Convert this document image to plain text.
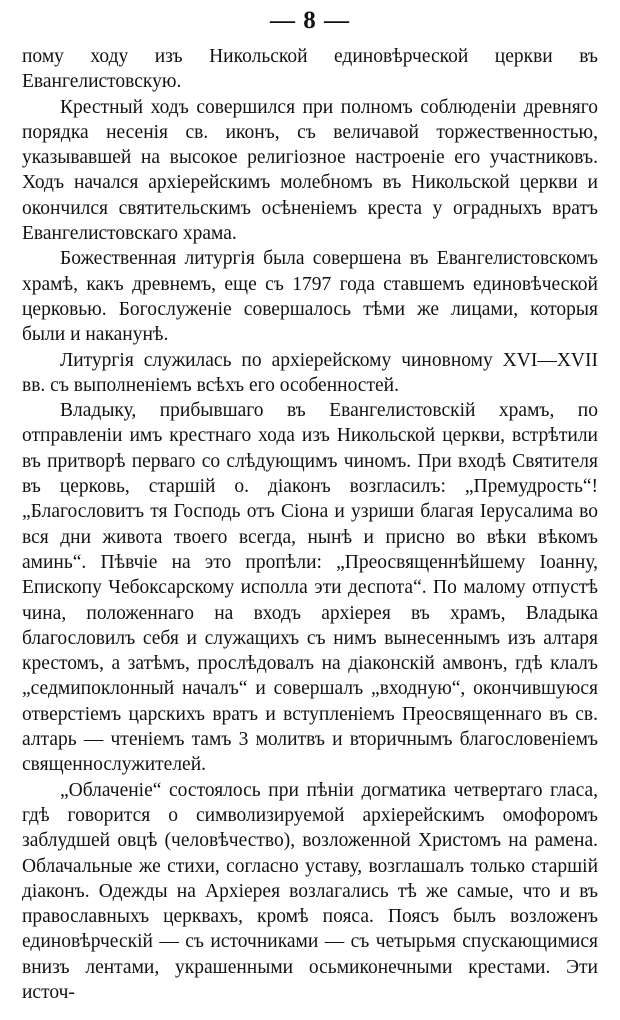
— 8 —

пому ходу изъ Никольской единовѣрческой церкви въ Евангелистовскую.

Крестный ходъ совершился при полномъ соблюденіи древняго порядка несенія св. иконъ, съ величавой торжественностью, указывавшей на высокое религіозное настроеніе его участниковъ. Ходъ начался архіерейскимъ молебномъ въ Никольской церкви и окончился святительскимъ осѣненіемъ креста у оградныхъ вратъ Евангелистовскаго храма.

Божественная литургія была совершена въ Евангелистовскомъ храмѣ, какъ древнемъ, еще съ 1797 года ставшемъ единовѣческой церковью. Богослуженіе совершалось тѣми же лицами, которыя были и наканунѣ.

Литургія служилась по архіерейскому чиновному XVI—XVII вв. съ выполненіемъ всѣхъ его особенностей.

Владыку, прибывшаго въ Евангелистовскій храмъ, по отправленіи имъ крестнаго хода изъ Никольской церкви, встрѣтили въ притворѣ перваго со слѣдующимъ чиномъ. При входѣ Святителя въ церковь, старшій о. діаконъ возгласилъ: „Премудрость“! „Благословитъ тя Господь отъ Сіона и узриши благая Іерусалима во вся дни живота твоего всегда, нынѣ и присно во вѣки вѣкомъ аминь“. Пѣвчіе на это пропѣли: „Преосвященнѣйшему Іоанну, Епископу Чебоксарскому исполла эти деспота“. По малому отпустѣ чина, положеннаго на входъ архіерея въ храмъ, Владыка благословилъ себя и служащихъ съ нимъ вынесеннымъ изъ алтаря крестомъ, а затѣмъ, прослѣдовалъ на діаконскій амвонъ, гдѣ клалъ „седмипоклонный началъ“ и совершалъ „входную“, окончившуюся отверстіемъ царскихъ вратъ и вступленіемъ Преосвященнаго въ св. алтарь — чтеніемъ тамъ 3 молитвъ и вторичнымъ благословеніемъ священнослужителей.

„Облаченіе“ состоялось при пѣніи догматика четвертаго гласа, гдѣ говорится о символизируемой архіерейскимъ омофоромъ заблудшей овцѣ (человѣчество), возложенной Христомъ на рамена. Облачальные же стихи, согласно уставу, возглашалъ только старшій діаконъ. Одежды на Архіерея возлагались тѣ же самые, что и въ православныхъ церквахъ, кромѣ пояса. Поясъ былъ возложенъ единовѣрческій — съ источниками — съ четырьмя спускающимися внизъ лентами, украшенными осьмиконечными крестами. Эти источ-
